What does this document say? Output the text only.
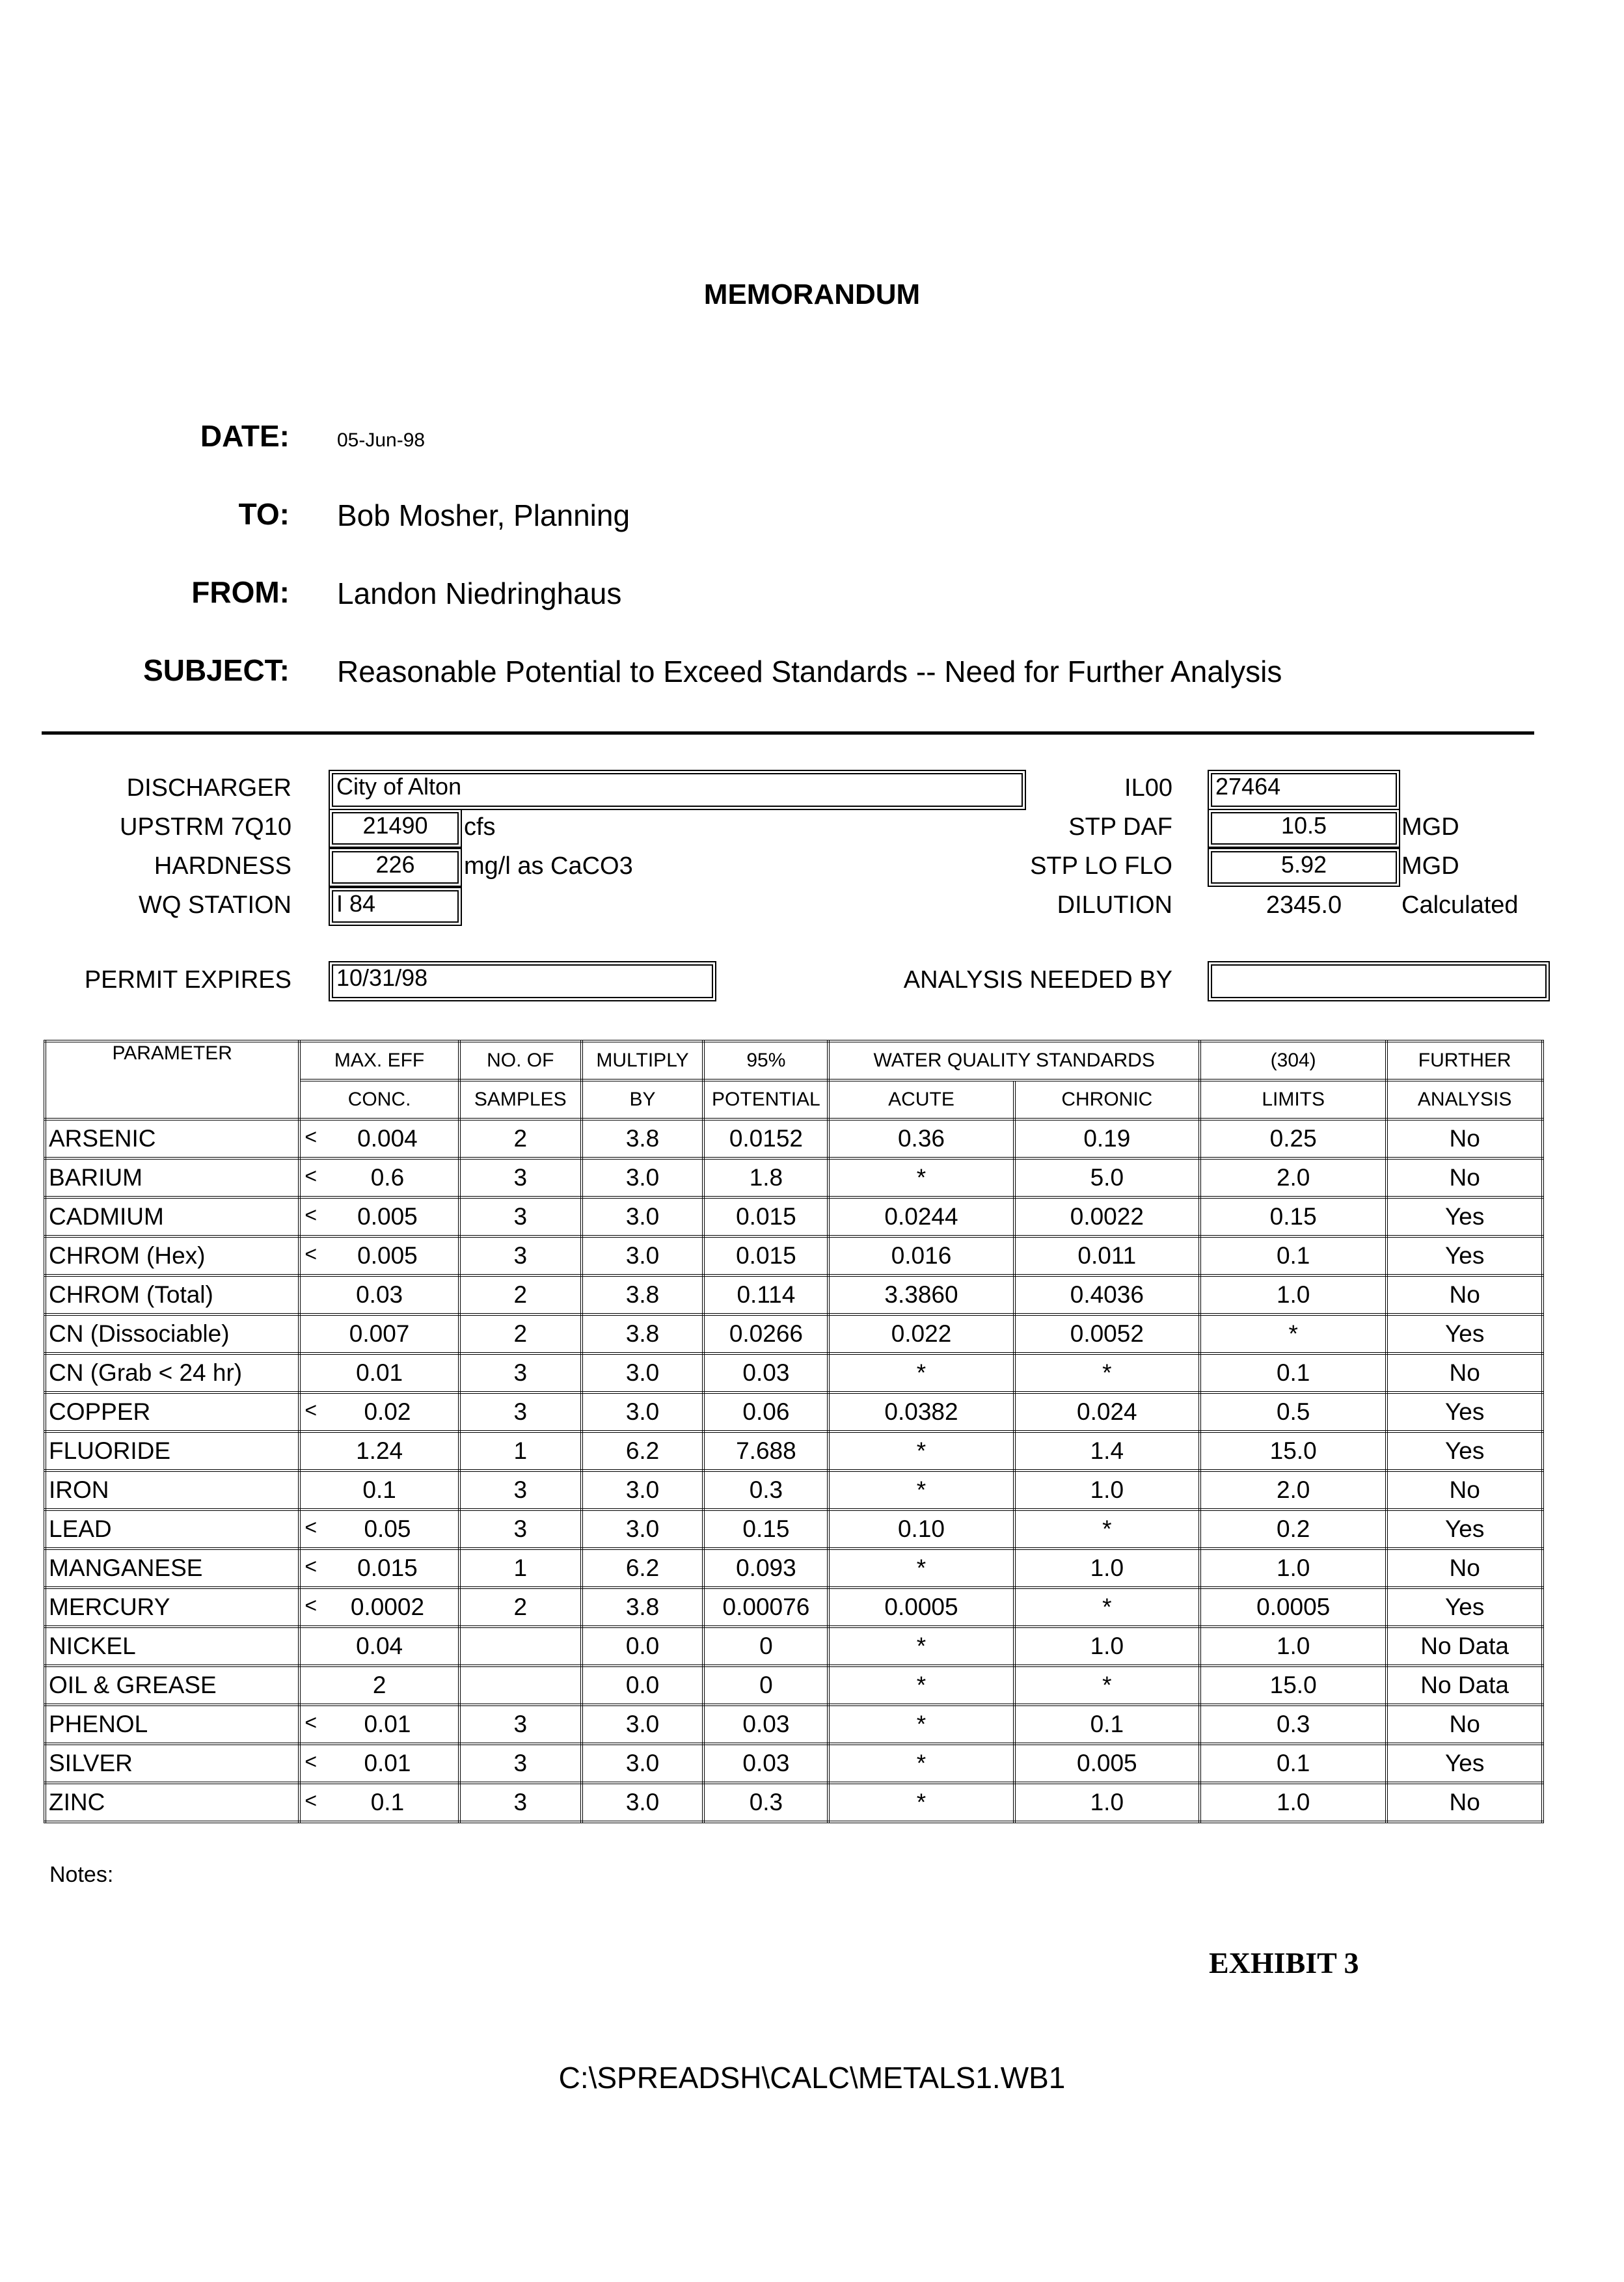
MEMORANDUM
DATE: 05-Jun-98
TO: Bob Mosher, Planning
FROM: Landon Niedringhaus
SUBJECT: Reasonable Potential to Exceed Standards -- Need for Further Analysis
DISCHARGER	City of Alton
UPSTRM 7Q10	21490	cfs
HARDNESS	226	mg/l as CaCO3
WQ STATION	I 84
IL00	27464
STP DAF	10.5	MGD
STP LO FLO	5.92	MGD
DILUTION	2345.0	Calculated
PERMIT EXPIRES	10/31/98	ANALYSIS NEEDED BY
PARAMETER	MAX. EFF	NO. OF	MULTIPLY	95%	WATER QUALITY STANDARDS		(304)	FURTHER
	CONC.	SAMPLES	BY	POTENTIAL	ACUTE	CHRONIC	LIMITS	ANALYSIS
ARSENIC	< 0.004	2	3.8	0.0152	0.36	0.19	0.25	No
BARIUM	< 0.6	3	3.0	1.8	*	5.0	2.0	No
CADMIUM	< 0.005	3	3.0	0.015	0.0244	0.0022	0.15	Yes
CHROM (Hex)	< 0.005	3	3.0	0.015	0.016	0.011	0.1	Yes
CHROM (Total)	0.03	2	3.8	0.114	3.3860	0.4036	1.0	No
CN (Dissociable)	0.007	2	3.8	0.0266	0.022	0.0052	*	Yes
CN (Grab < 24 hr)	0.01	3	3.0	0.03	*	*	0.1	No
COPPER	< 0.02	3	3.0	0.06	0.0382	0.024	0.5	Yes
FLUORIDE	1.24	1	6.2	7.688	*	1.4	15.0	Yes
IRON	0.1	3	3.0	0.3	*	1.0	2.0	No
LEAD	< 0.05	3	3.0	0.15	0.10	*	0.2	Yes
MANGANESE	< 0.015	1	6.2	0.093	*	1.0	1.0	No
MERCURY	< 0.0002	2	3.8	0.00076	0.0005	*	0.0005	Yes
NICKEL	0.04		0.0	0	*	1.0	1.0	No Data
OIL & GREASE	2		0.0	0	*	*	15.0	No Data
PHENOL	< 0.01	3	3.0	0.03	*	0.1	0.3	No
SILVER	< 0.01	3	3.0	0.03	*	0.005	0.1	Yes
ZINC	< 0.1	3	3.0	0.3	*	1.0	1.0	No
Notes:
EXHIBIT 3
C:\SPREADSH\CALC\METALS1.WB1
